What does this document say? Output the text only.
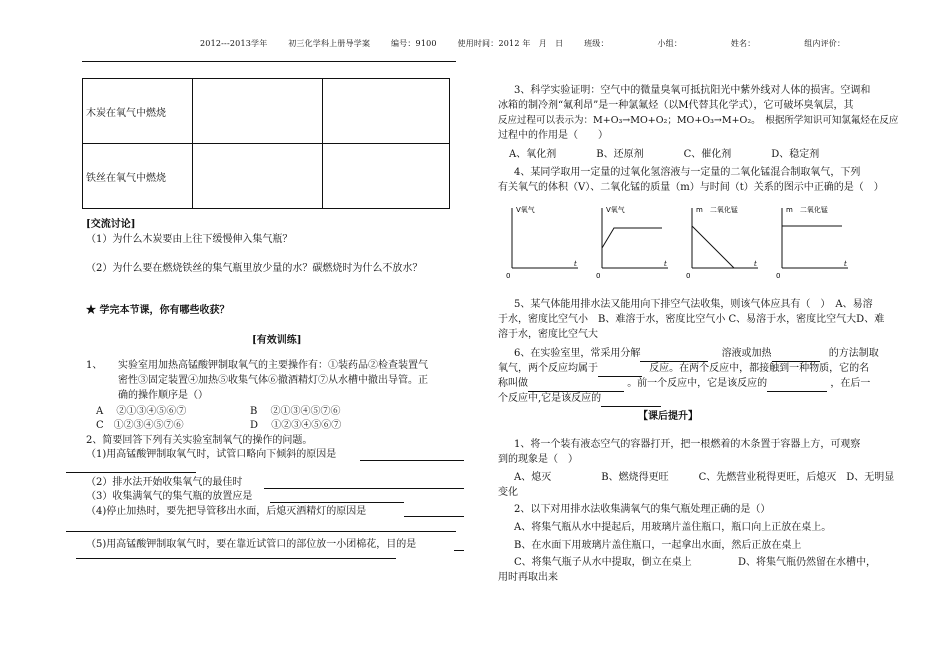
2012---2013学年	初三化学科上册导学案	编号：9100	使用时间：2012 年　月　日	班级：	小组：	姓名：	组内评价：
木炭在氧气中燃烧		
铁丝在氧气中燃烧		
[交流讨论]
（1）为什么木炭要由上往下缓慢伸入集气瓶？
（2）为什么要在燃烧铁丝的集气瓶里放少量的水？碳燃烧时为什么不放水？
★ 学完本节课，你有哪些收获？
[有效训练]
1、 实验室用加热高锰酸钾制取氧气的主要操作有：①装药品②检查装置气
密性③固定装置④加热⑤收集气体⑥撤酒精灯⑦从水槽中撤出导管。正
确的操作顺序是（）
A　 ②①③④⑤⑥⑦	B　 ②①③④⑤⑦⑥
C　①②③④⑤⑦⑥	D　 ①②③④⑤⑥⑦
2、简要回答下列有关实验室制氧气的操作的问题。
（1)用高锰酸钾制取氧气时，试管口略向下倾斜的原因是
（2）排水法开始收集氧气的最佳时
（3）收集满氧气的集气瓶的放置应是
（4)停止加热时，要先把导管移出水面，后熄灭酒精灯的原因是
（5)用高锰酸钾制取氧气时，要在靠近试管口的部位放一小团棉花，目的是
3、科学实验证明：空气中的微量臭氧可抵抗阳光中紫外线对人体的损害。空调和
冰箱的制冷剂“氟利昂”是一种氯氟烃（以M代替其化学式），它可破坏臭氧层，其
反应过程可以表示为：M+O₃→MO+O₂；MO+O₃→M+O₂。　根据所学知识可知氯氟烃在反应
过程中的作用是（　　）
A、氧化剂　　　　B、还原剂　　　　C、催化剂　　　　D、稳定剂
4、某同学取用一定量的过氧化氢溶液与一定量的二氧化锰混合制取氧气，下列
有关氧气的体积（V）、二氧化锰的质量（m）与时间（t）关系的图示中正确的是（　）
V氧气
0
t
V氧气
0
t
m　二氧化锰
0
t
m　二氧化锰
0
t
5、某气体能用排水法又能用向下排空气法收集，则该气体应具有（　）　A、易溶
于水，密度比空气小　B、难溶于水，密度比空气小 C、易溶于水，密度比空气大D、难
溶于水，密度比空气大
6、在实验室里，常采用分解	溶液或加热	的方法制取
氧气，两个反应均属于	反应。在两个反应中，都接触到一种物质，它的名
称叫做	。前一个反应中，它是该反应的	，在后一
个反应中,它是该反应的
【课后提升】
1、将一个装有液态空气的容器打开，把一根燃着的木条置于容器上方，可观察
到的现象是（　）
A、熄灭　　　　　B、燃烧得更旺　　　C、先燃营业税得更旺，后熄灭　D、无明显
变化
2、以下对用排水法收集满氧气的集气瓶处理正确的是（）
A、将集气瓶从水中提起后，用玻璃片盖住瓶口，瓶口向上正放在桌上。
B、在水面下用玻璃片盖住瓶口，一起拿出水面，然后正放在桌上
C、将集气瓶子从水中提取，倒立在桌上	D、将集气瓶仍然留在水槽中，
用时再取出来
